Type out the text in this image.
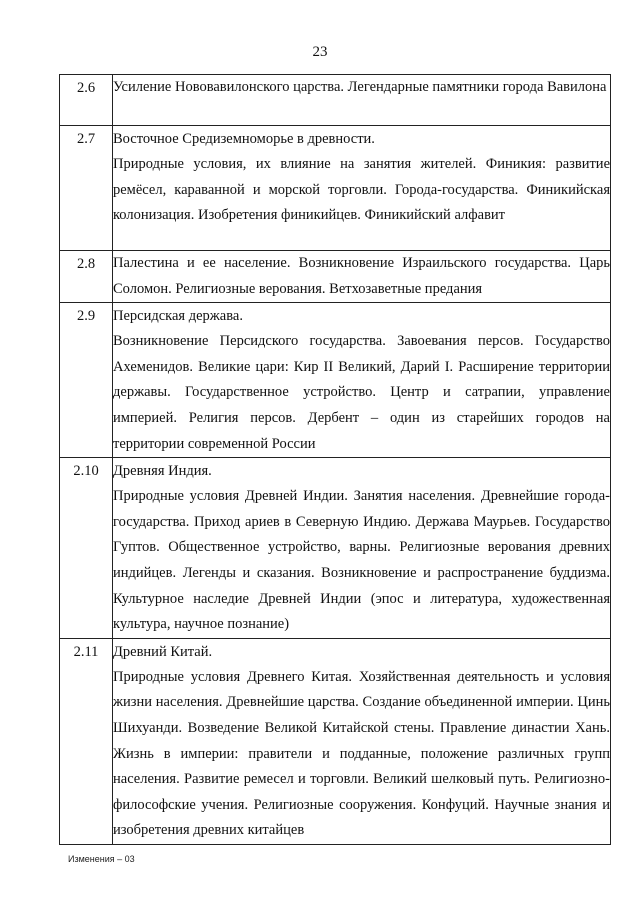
23
2.6	Усиление Нововавилонского царства. Легендарные памятники города Вавилона

2.7	Восточное Средиземноморье в древности.

Природные условия, их влияние на занятия жителей. Финикия: развитие ремёсел, караванной и морской торговли. Города-государства. Финикийская колонизация. Изобретения финикийцев. Финикийский алфавит

2.8	Палестина и ее население. Возникновение Израильского государства. Царь Соломон. Религиозные верования. Ветхозаветные предания

2.9	Персидская держава.

Возникновение Персидского государства. Завоевания персов. Государство Ахеменидов. Великие цари: Кир II Великий, Дарий I. Расширение территории державы. Государственное устройство. Центр и сатрапии, управление империей. Религия персов. Дербент – один из старейших городов на территории современной России

2.10	Древняя Индия.

Природные условия Древней Индии. Занятия населения. Древнейшие города-государства. Приход ариев в Северную Индию. Держава Маурьев. Государство Гуптов. Общественное устройство, варны. Религиозные верования древних индийцев. Легенды и сказания. Возникновение и распространение буддизма. Культурное наследие Древней Индии (эпос и литература, художественная культура, научное познание)

2.11	Древний Китай.

Природные условия Древнего Китая. Хозяйственная деятельность и условия жизни населения. Древнейшие царства. Создание объединенной империи. Цинь Шихуанди. Возведение Великой Китайской стены. Правление династии Хань. Жизнь в империи: правители и подданные, положение различных групп населения. Развитие ремесел и торговли. Великий шелковый путь. Религиозно-философские учения. Религиозные сооружения. Конфуций. Научные знания и изобретения древних китайцев

Изменения – 03
